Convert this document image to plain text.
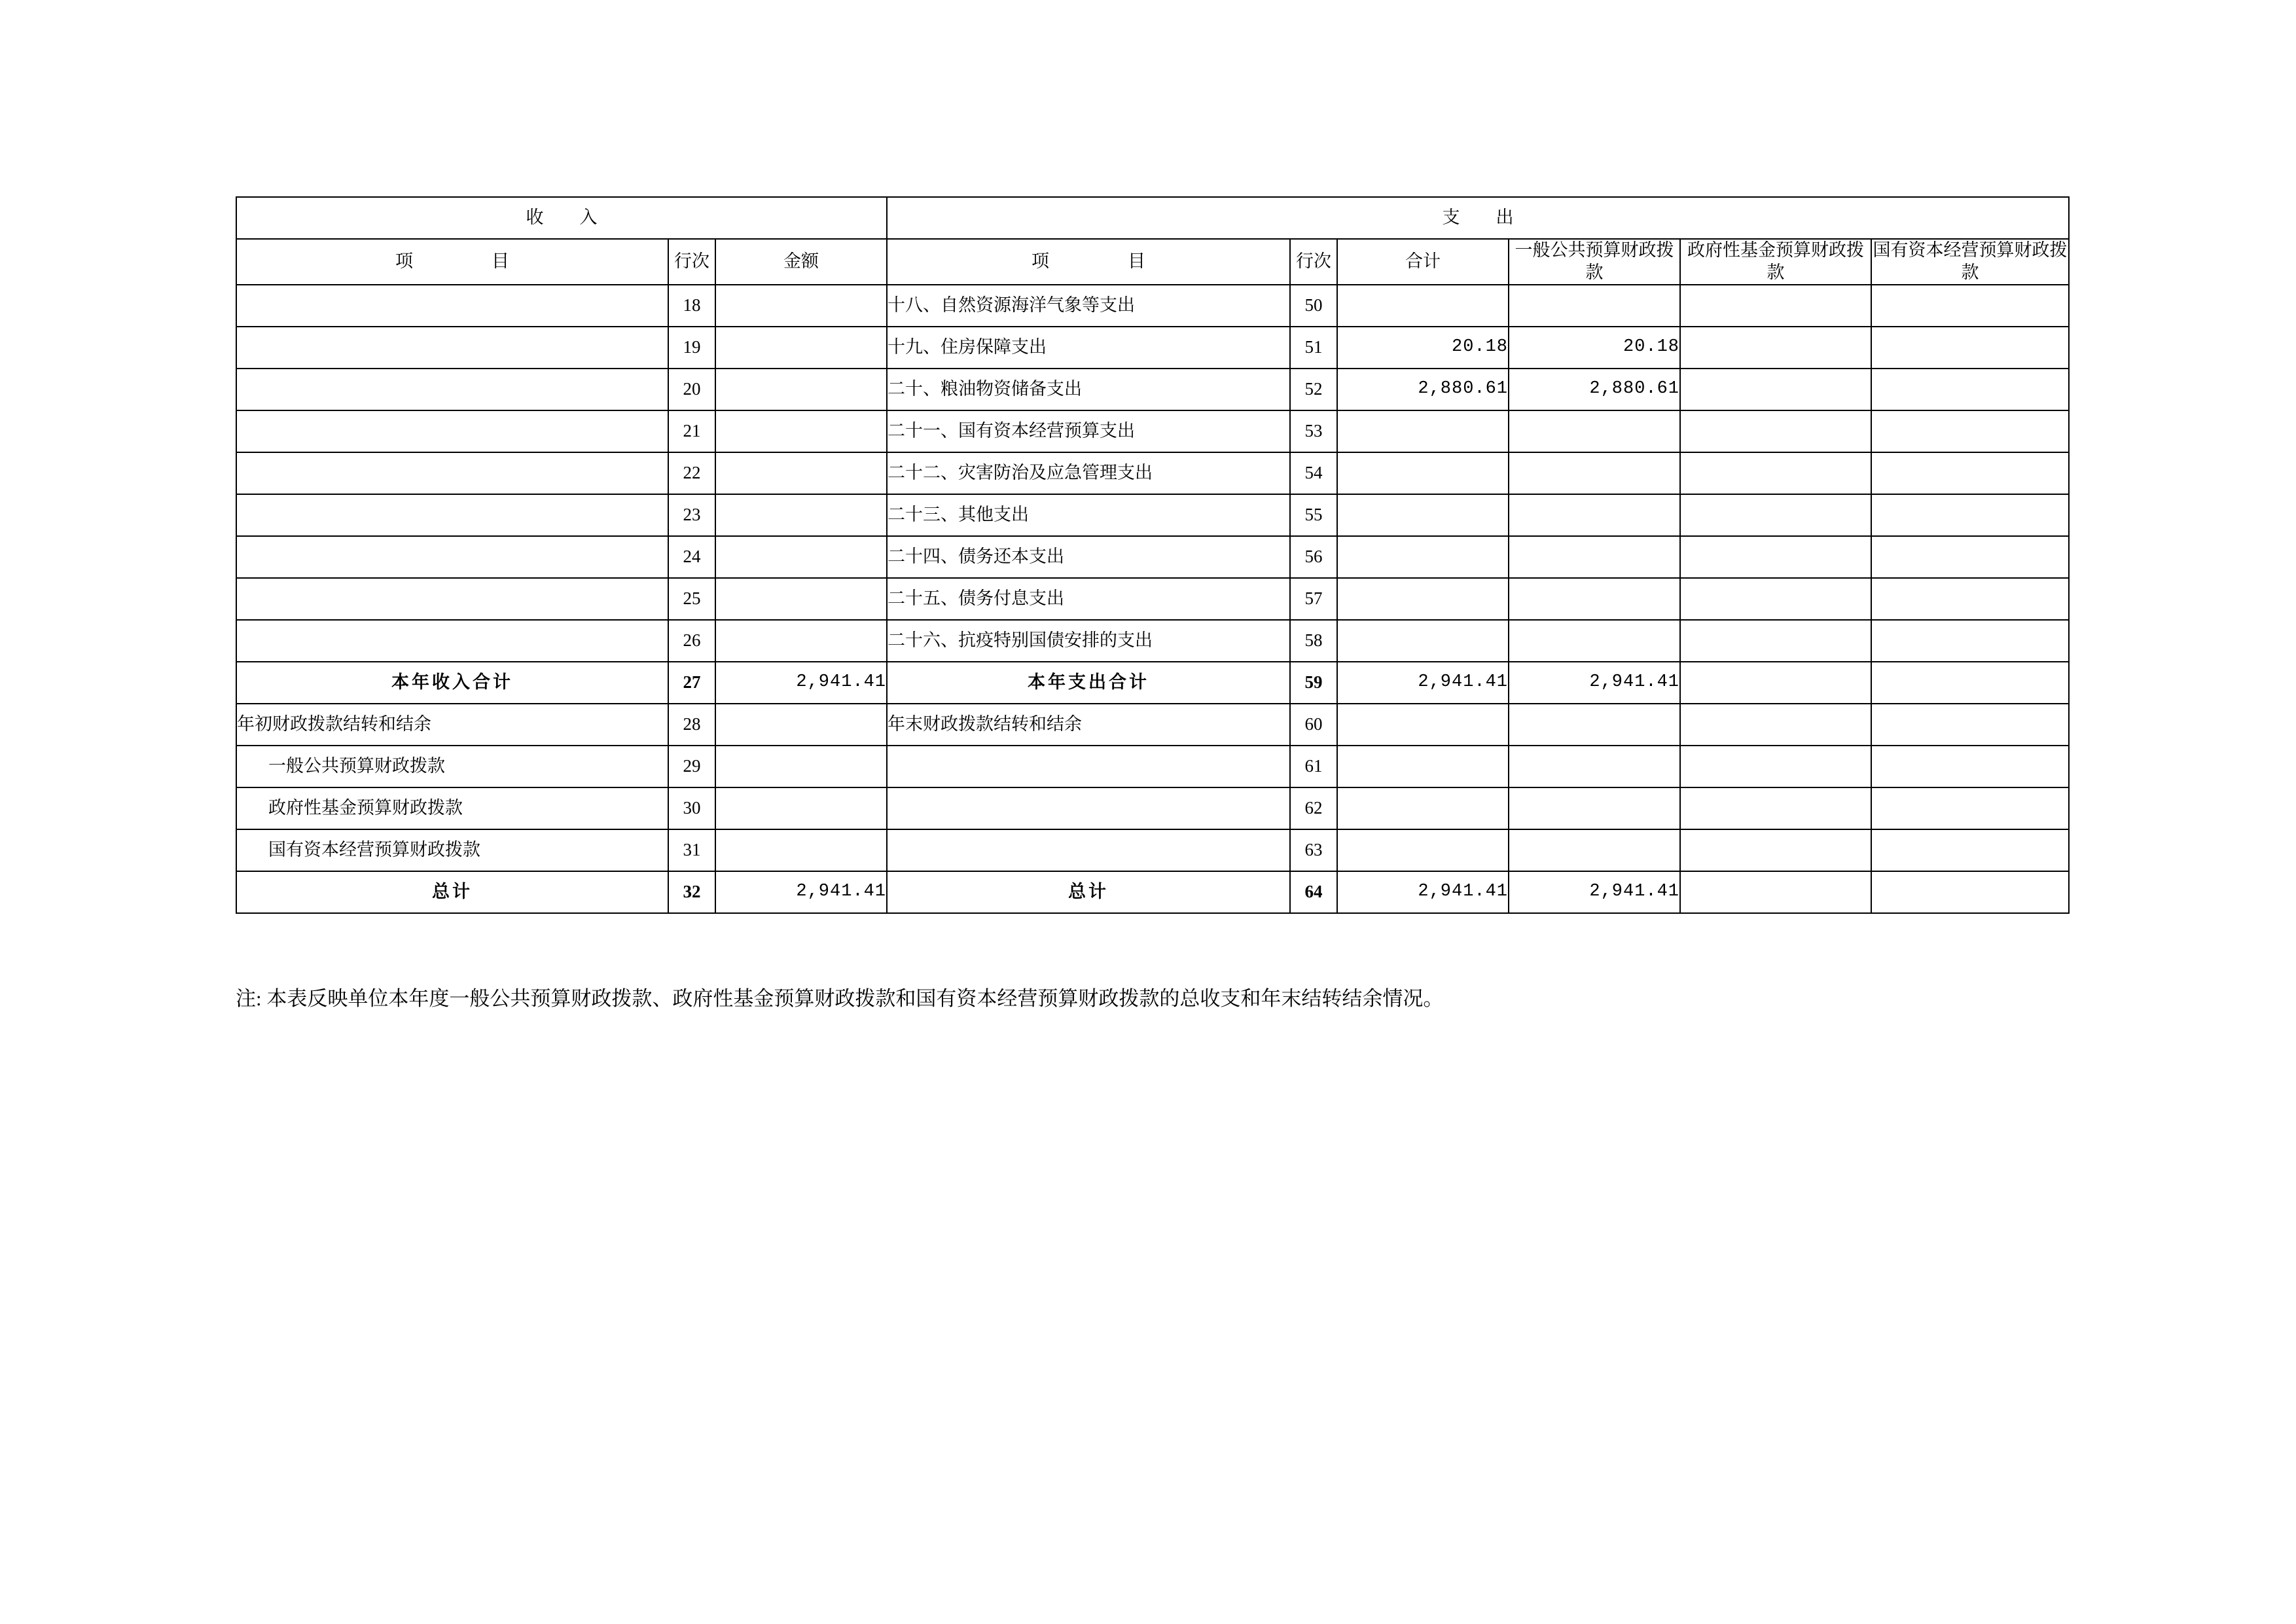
收　入			支　出					
项　　目	行次	金额	项　　目	行次	合计	一般公共预算财政拨款	政府性基金预算财政拨款	国有资本经营预算财政拨款
	18		十八、自然资源海洋气象等支出	50				
	19		十九、住房保障支出	51	20.18	20.18		
	20		二十、粮油物资储备支出	52	2,880.61	2,880.61		
	21		二十一、国有资本经营预算支出	53				
	22		二十二、灾害防治及应急管理支出	54				
	23		二十三、其他支出	55				
	24		二十四、债务还本支出	56				
	25		二十五、债务付息支出	57				
	26		二十六、抗疫特别国债安排的支出	58				
本年收入合计	27	2,941.41	本年支出合计	59	2,941.41	2,941.41		
年初财政拨款结转和结余	28		年末财政拨款结转和结余	60				
一般公共预算财政拨款	29			61				
政府性基金预算财政拨款	30			62				
国有资本经营预算财政拨款	31			63				
总计	32	2,941.41	总计	64	2,941.41	2,941.41		
注: 本表反映单位本年度一般公共预算财政拨款、政府性基金预算财政拨款和国有资本经营预算财政拨款的总收支和年末结转结余情况。
